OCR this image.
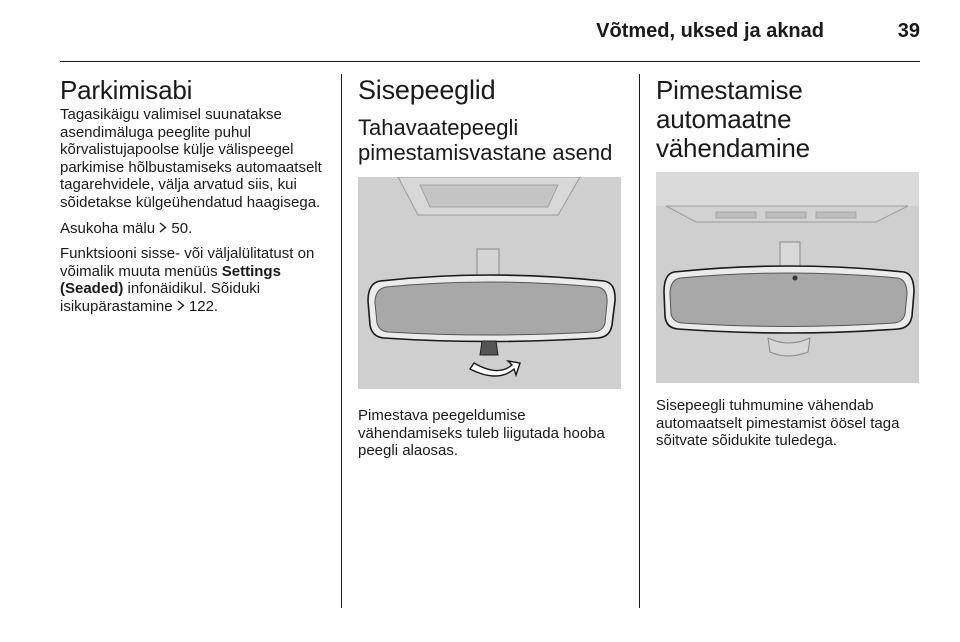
Võtmed, uksed ja aknad	39
Parkimisabi

Tagasikäigu valimisel suunatakse asendimäluga peeglite puhul kõrvalistujapoolse külje välispeegel parkimise hõlbustamiseks automaatselt tagarehvidele, välja arvatud siis, kui sõidetakse külgeühendatud haagisega.

Asukoha mälu 50.

Funktsiooni sisse- või väljalülitatust on võimalik muuta menüüs Settings (Seaded) infonäidikul. Sõiduki isikupärastamine 122.

Sisepeeglid
Tahavaatepeegli pimestamisvastane asend

Pimestava peegeldumise vähendamiseks tuleb liigutada hooba peegli alaosas.

Pimestamise automaatne vähendamine

Sisepeegli tuhmumine vähendab automaatselt pimestamist öösel taga sõitvate sõidukite tuledega.
